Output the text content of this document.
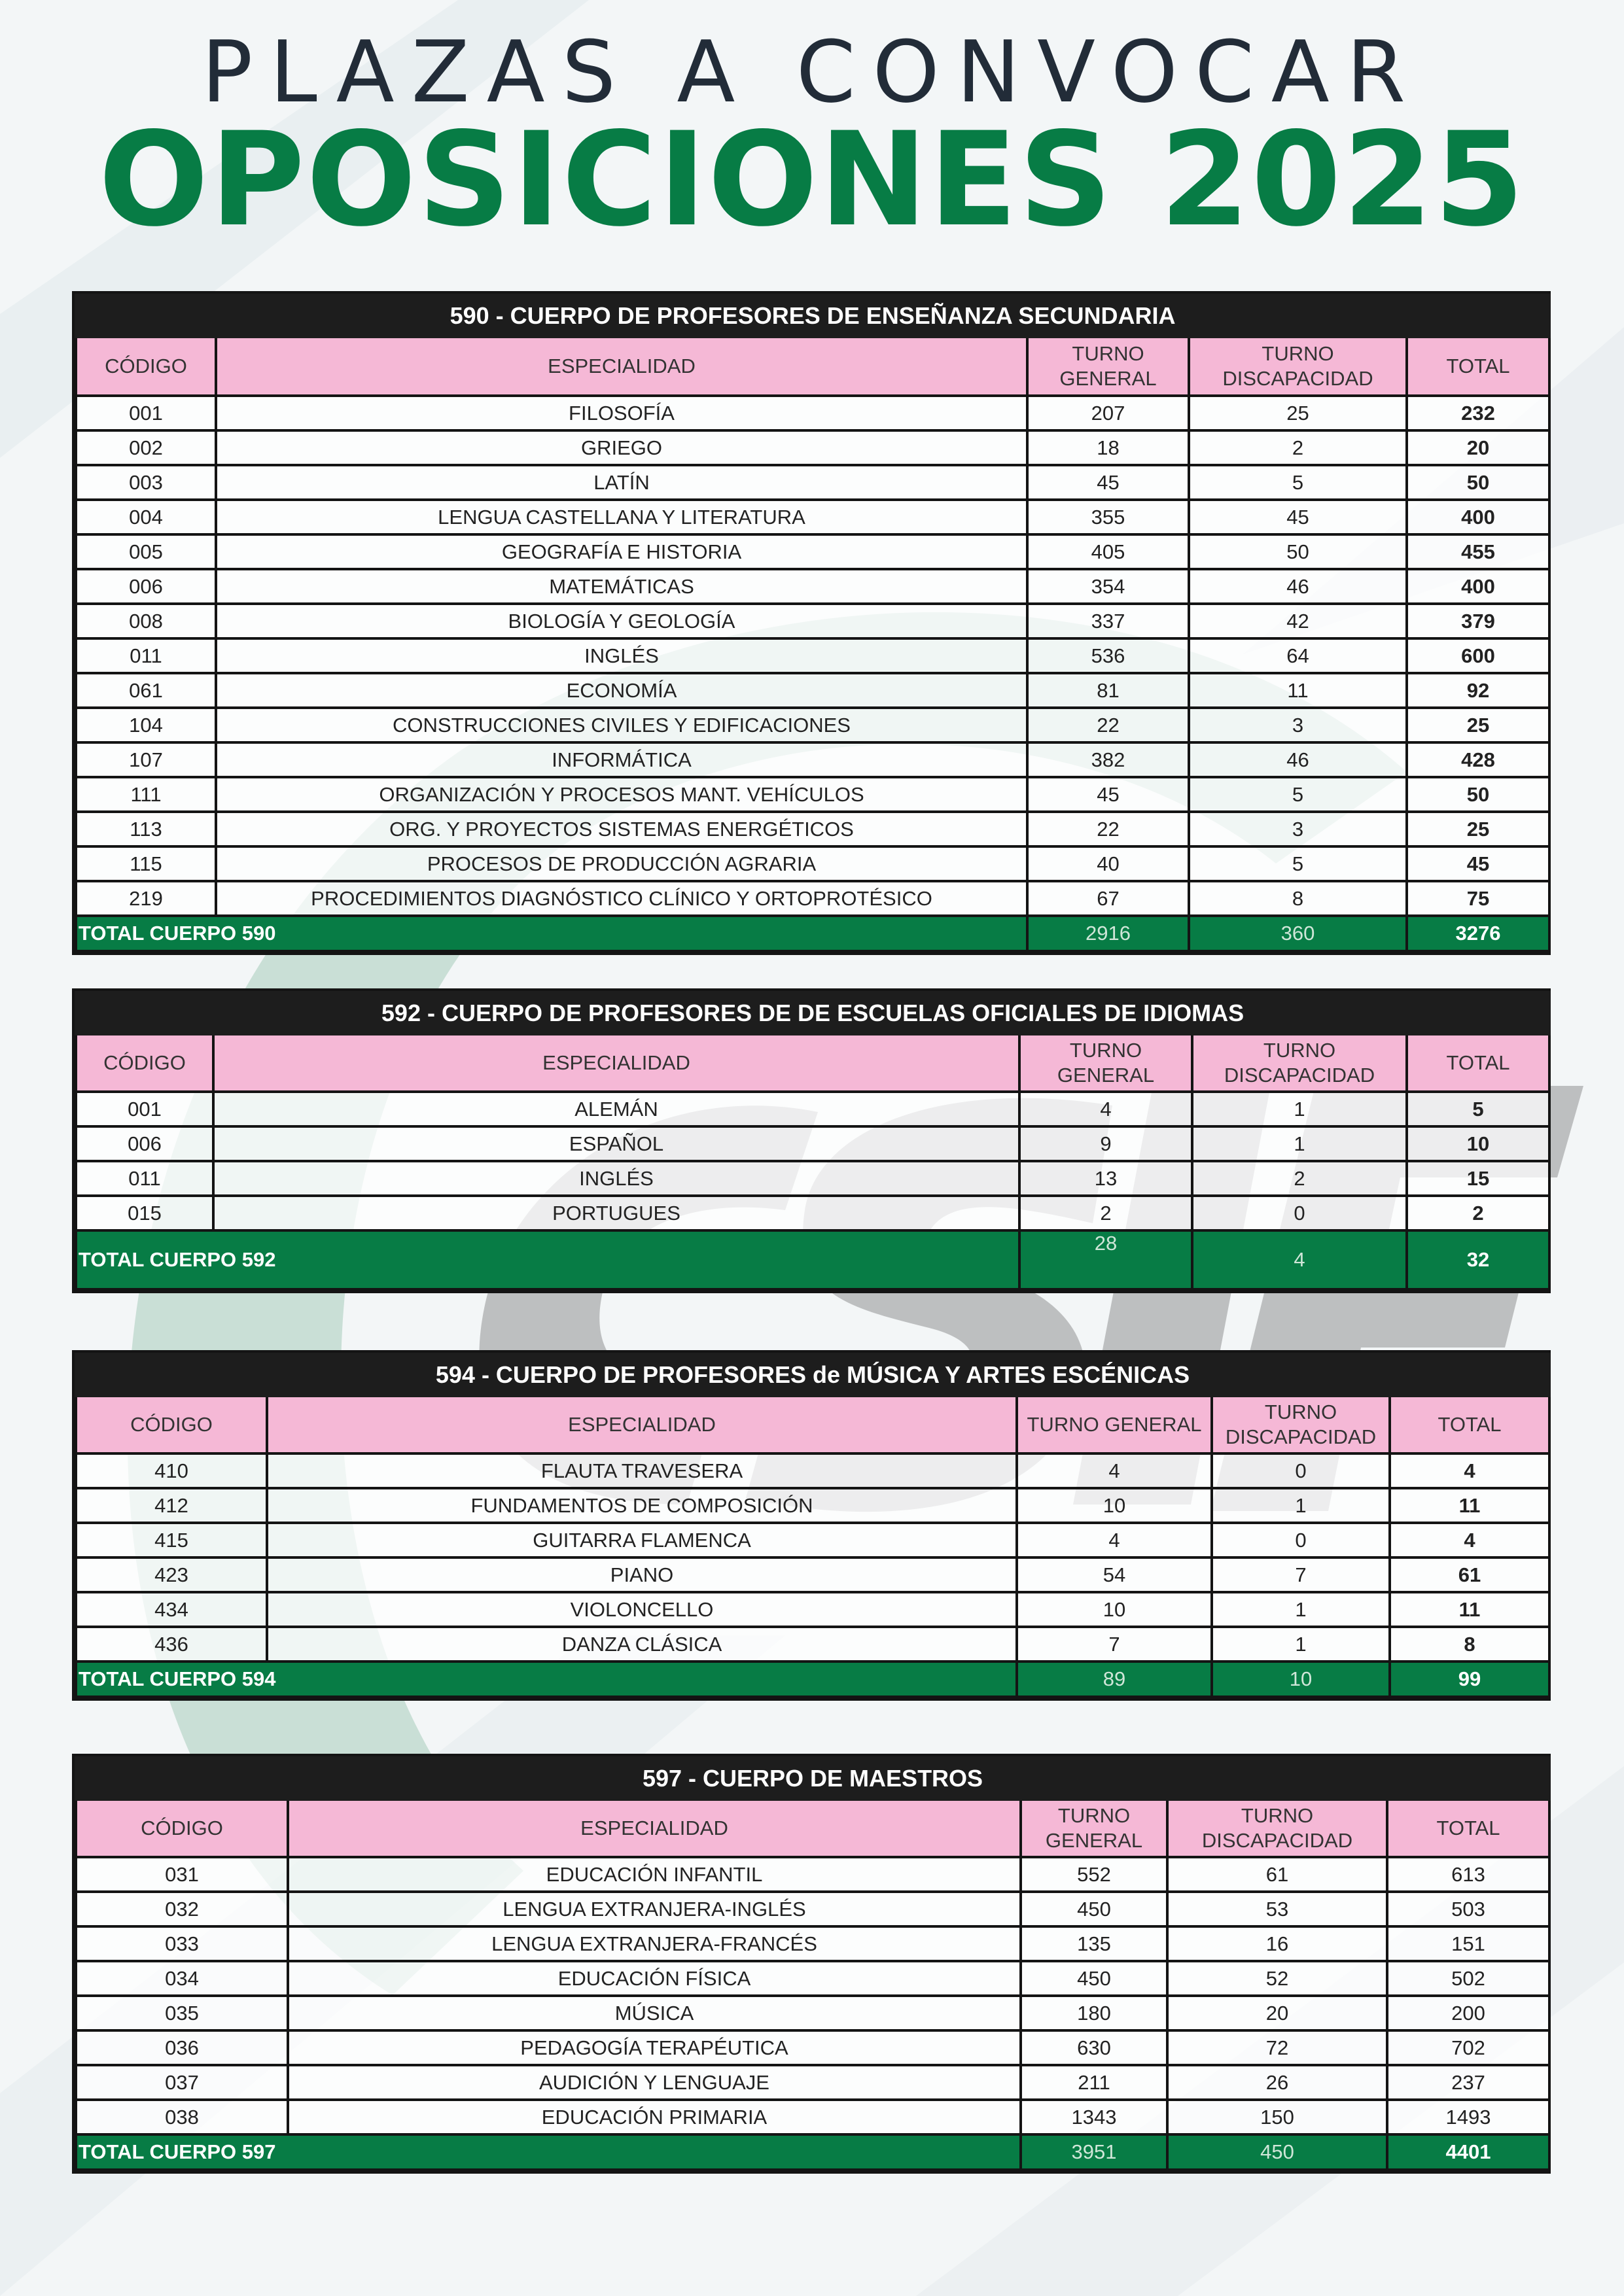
PLAZAS A CONVOCAR
OPOSICIONES 2025
590 - CUERPO DE PROFESORES DE ENSEÑANZA SECUNDARIA				
CÓDIGO	ESPECIALIDAD	TURNO GENERAL	TURNO DISCAPACIDAD	TOTAL
001	FILOSOFÍA	207	25	232
002	GRIEGO	18	2	20
003	LATÍN	45	5	50
004	LENGUA CASTELLANA Y LITERATURA	355	45	400
005	GEOGRAFÍA E HISTORIA	405	50	455
006	MATEMÁTICAS	354	46	400
008	BIOLOGÍA Y GEOLOGÍA	337	42	379
011	INGLÉS	536	64	600
061	ECONOMÍA	81	11	92
104	CONSTRUCCIONES CIVILES Y EDIFICACIONES	22	3	25
107	INFORMÁTICA	382	46	428
111	ORGANIZACIÓN Y PROCESOS MANT. VEHÍCULOS	45	5	50
113	ORG. Y PROYECTOS SISTEMAS ENERGÉTICOS	22	3	25
115	PROCESOS DE PRODUCCIÓN AGRARIA	40	5	45
219	PROCEDIMIENTOS DIAGNÓSTICO CLÍNICO Y ORTOPROTÉSICO	67	8	75
TOTAL CUERPO 590		2916	360	3276
592 - CUERPO DE PROFESORES DE DE ESCUELAS OFICIALES DE IDIOMAS				
CÓDIGO	ESPECIALIDAD	TURNO GENERAL	TURNO DISCAPACIDAD	TOTAL
001	ALEMÁN	4	1	5
006	ESPAÑOL	9	1	10
011	INGLÉS	13	2	15
015	PORTUGUES	2	0	2
TOTAL CUERPO 592		28	4	32
594 - CUERPO DE PROFESORES de MÚSICA Y ARTES ESCÉNICAS				
CÓDIGO	ESPECIALIDAD	TURNO GENERAL	TURNO DISCAPACIDAD	TOTAL
410	FLAUTA TRAVESERA	4	0	4
412	FUNDAMENTOS DE COMPOSICIÓN	10	1	11
415	GUITARRA FLAMENCA	4	0	4
423	PIANO	54	7	61
434	VIOLONCELLO	10	1	11
436	DANZA CLÁSICA	7	1	8
TOTAL CUERPO 594		89	10	99
597 - CUERPO DE MAESTROS				
CÓDIGO	ESPECIALIDAD	TURNO GENERAL	TURNO DISCAPACIDAD	TOTAL
031	EDUCACIÓN INFANTIL	552	61	613
032	LENGUA EXTRANJERA-INGLÉS	450	53	503
033	LENGUA EXTRANJERA-FRANCÉS	135	16	151
034	EDUCACIÓN FÍSICA	450	52	502
035	MÚSICA	180	20	200
036	PEDAGOGÍA TERAPÉUTICA	630	72	702
037	AUDICIÓN Y LENGUAJE	211	26	237
038	EDUCACIÓN PRIMARIA	1343	150	1493
TOTAL CUERPO 597		3951	450	4401
